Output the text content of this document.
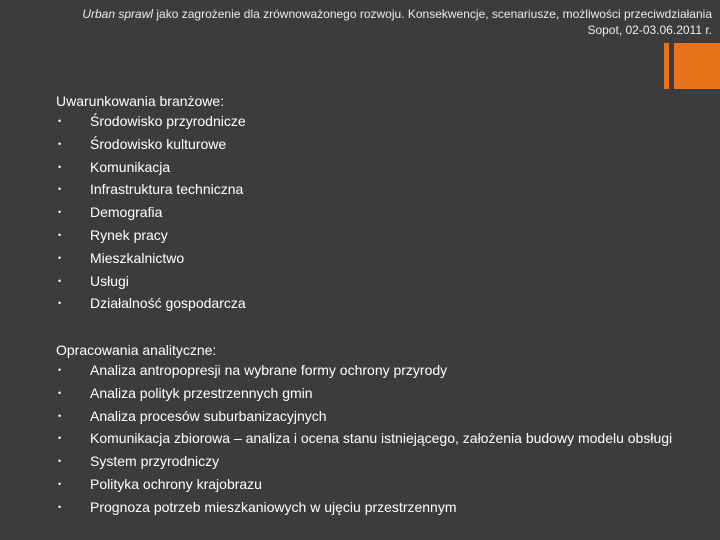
Urban sprawl jako zagrożenie dla zrównoważonego rozwoju. Konsekwencje, scenariusze, możliwości przeciwdziałania
Sopot, 02-03.06.2011 r.
Uwarunkowania branżowe:
• Środowisko przyrodnicze
• Środowisko kulturowe
• Komunikacja
• Infrastruktura techniczna
• Demografia
• Rynek pracy
• Mieszkalnictwo
• Usługi
• Działalność gospodarcza
Opracowania analityczne:
• Analiza antropopresji na wybrane formy ochrony przyrody
• Analiza polityk przestrzennych gmin
• Analiza procesów suburbanizacyjnych
• Komunikacja zbiorowa – analiza i ocena stanu istniejącego, założenia budowy modelu obsługi
• System przyrodniczy
• Polityka ochrony krajobrazu
• Prognoza potrzeb mieszkaniowych w ujęciu przestrzennym
